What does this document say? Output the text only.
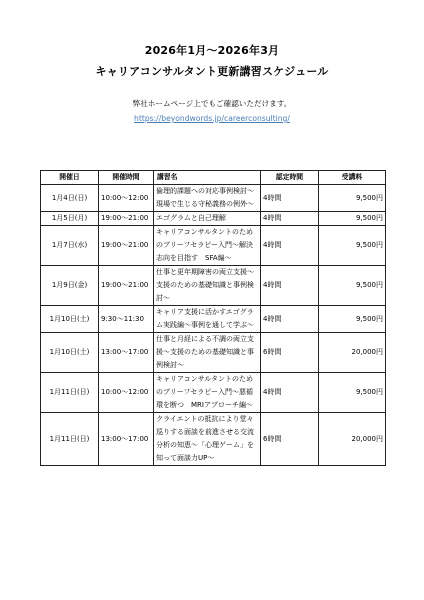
2026年1月～2026年3月
キャリアコンサルタント更新講習スケジュール
弊社ホームページ上でもご確認いただけます。
https://beyondwords.jp/careerconsulting/
開催日	開催時間	講習名	認定時間	受講料
1月4日(日)	10:00～12:00	倫理的課題への対応事例検討～現場で生じる守秘義務の例外～	4時間	9,500円
1月5日(月)	19:00～21:00	エゴグラムと自己理解	4時間	9,500円
1月7日(水)	19:00～21:00	キャリアコンサルタントのためのブリーフセラピー入門～解決志向を目指す　SFA編～	4時間	9,500円
1月9日(金)	19:00～21:00	仕事と更年期障害の両立支援～支援のための基礎知識と事例検討～	4時間	9,500円
1月10日(土)	9:30～11:30	キャリア支援に活かすエゴグラム実践編～事例を通して学ぶ～	4時間	9,500円
1月10日(土)	13:00～17:00	仕事と月経による不調の両立支援～支援のための基礎知識と事例検討～	6時間	20,000円
1月11日(日)	10:00～12:00	キャリアコンサルタントのためのブリーフセラピー入門～悪循環を断つ　MRIアプローチ編～	4時間	9,500円
1月11日(日)	13:00～17:00	クライエントの抵抗により堂々巡りする面談を前進させる交流分析の知恵～「心理ゲーム」を知って面談力UP～	6時間	20,000円
